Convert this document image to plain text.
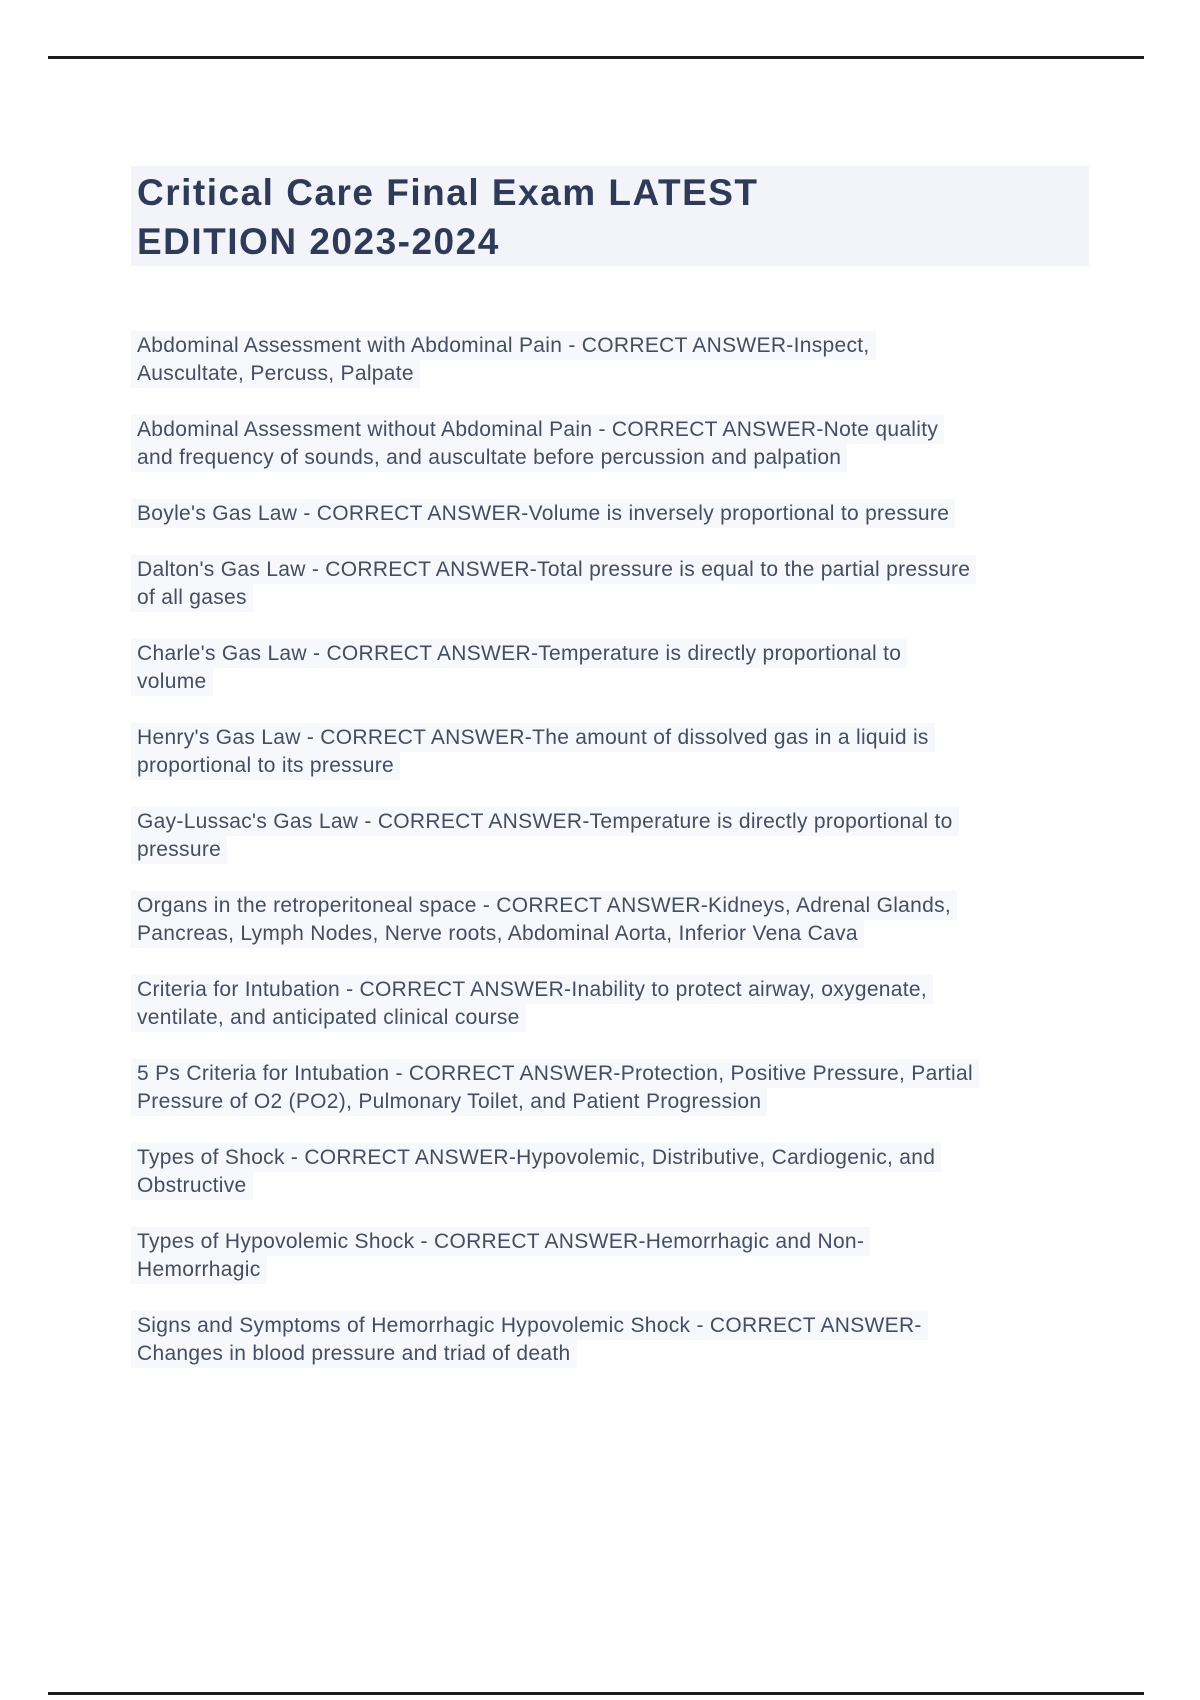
Critical Care Final Exam LATEST
EDITION 2023-2024
Abdominal Assessment with Abdominal Pain - CORRECT ANSWER-Inspect,
Auscultate, Percuss, Palpate
Abdominal Assessment without Abdominal Pain - CORRECT ANSWER-Note quality
and frequency of sounds, and auscultate before percussion and palpation
Boyle's Gas Law - CORRECT ANSWER-Volume is inversely proportional to pressure
Dalton's Gas Law - CORRECT ANSWER-Total pressure is equal to the partial pressure
of all gases
Charle's Gas Law - CORRECT ANSWER-Temperature is directly proportional to
volume
Henry's Gas Law - CORRECT ANSWER-The amount of dissolved gas in a liquid is
proportional to its pressure
Gay-Lussac's Gas Law - CORRECT ANSWER-Temperature is directly proportional to
pressure
Organs in the retroperitoneal space - CORRECT ANSWER-Kidneys, Adrenal Glands,
Pancreas, Lymph Nodes, Nerve roots, Abdominal Aorta, Inferior Vena Cava
Criteria for Intubation - CORRECT ANSWER-Inability to protect airway, oxygenate,
ventilate, and anticipated clinical course
5 Ps Criteria for Intubation - CORRECT ANSWER-Protection, Positive Pressure, Partial
Pressure of O2 (PO2), Pulmonary Toilet, and Patient Progression
Types of Shock - CORRECT ANSWER-Hypovolemic, Distributive, Cardiogenic, and
Obstructive
Types of Hypovolemic Shock - CORRECT ANSWER-Hemorrhagic and Non-
Hemorrhagic
Signs and Symptoms of Hemorrhagic Hypovolemic Shock - CORRECT ANSWER-
Changes in blood pressure and triad of death
